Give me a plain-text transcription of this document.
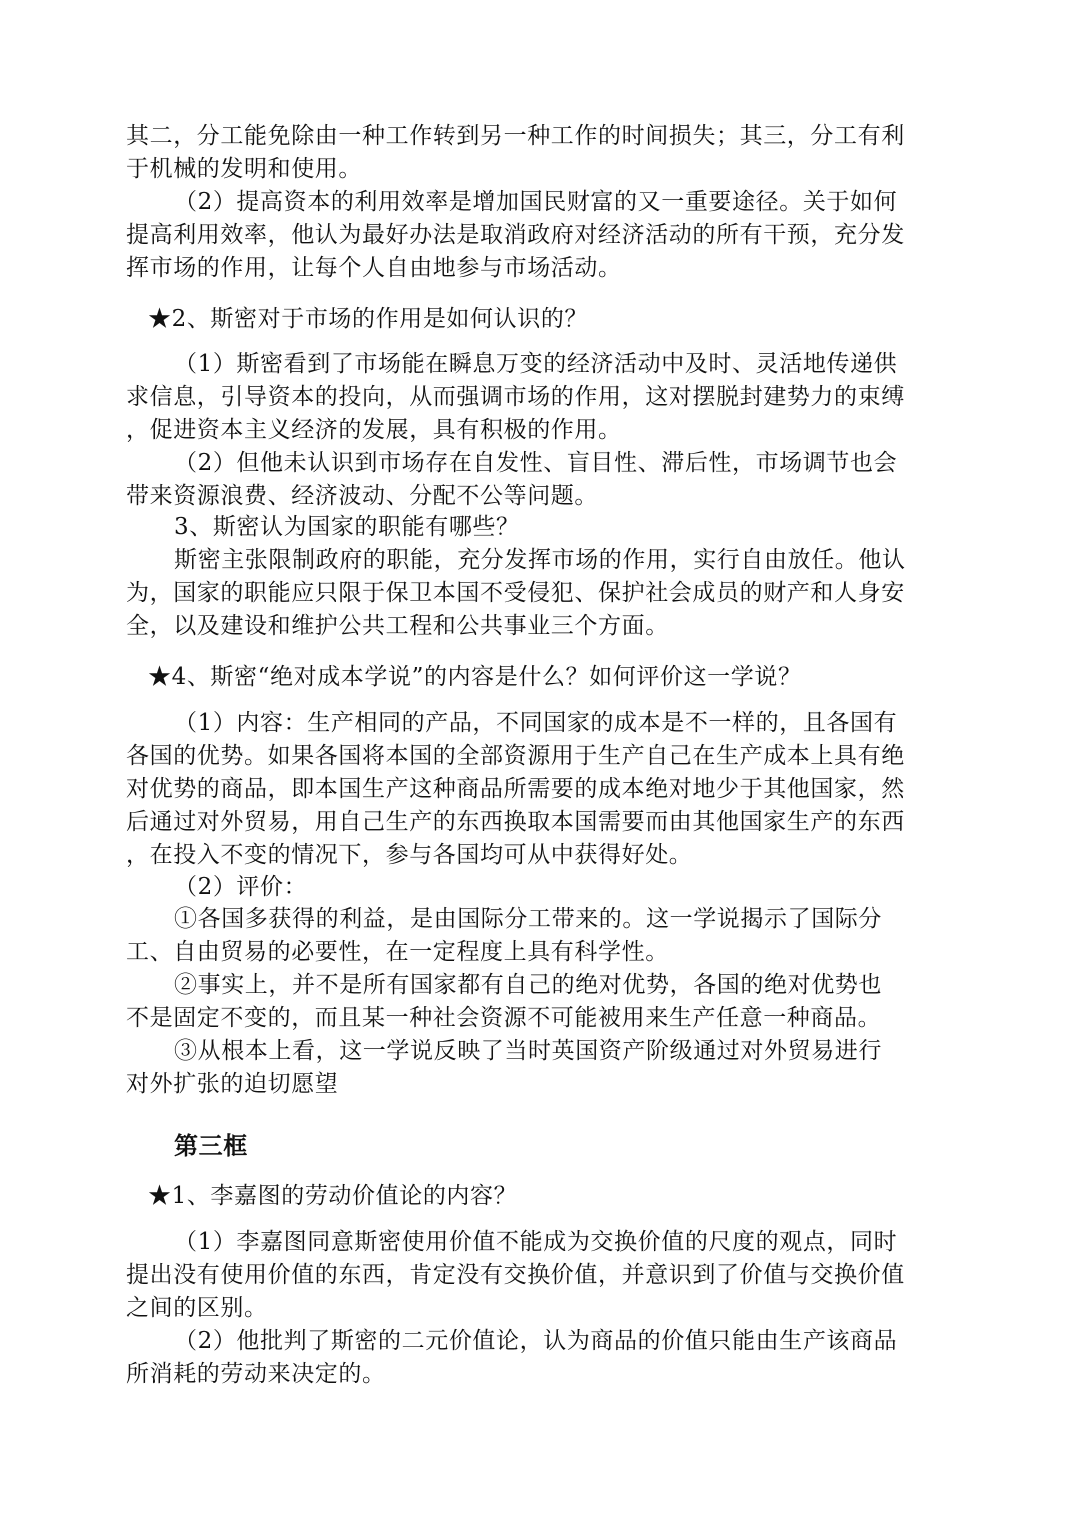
其二，分工能免除由一种工作转到另一种工作的时间损失；其三，分工有利
于机械的发明和使用。
（2）提高资本的利用效率是增加国民财富的又一重要途径。关于如何
提高利用效率，他认为最好办法是取消政府对经济活动的所有干预，充分发
挥市场的作用，让每个人自由地参与市场活动。
★2、斯密对于市场的作用是如何认识的？
（1）斯密看到了市场能在瞬息万变的经济活动中及时、灵活地传递供
求信息，引导资本的投向，从而强调市场的作用，这对摆脱封建势力的束缚
，促进资本主义经济的发展，具有积极的作用。
（2）但他未认识到市场存在自发性、盲目性、滞后性，市场调节也会
带来资源浪费、经济波动、分配不公等问题。
3、斯密认为国家的职能有哪些？
斯密主张限制政府的职能，充分发挥市场的作用，实行自由放任。他认
为，国家的职能应只限于保卫本国不受侵犯、保护社会成员的财产和人身安
全，以及建设和维护公共工程和公共事业三个方面。
★4、斯密“绝对成本学说”的内容是什么？如何评价这一学说？
（1）内容：生产相同的产品，不同国家的成本是不一样的，且各国有
各国的优势。如果各国将本国的全部资源用于生产自己在生产成本上具有绝
对优势的商品，即本国生产这种商品所需要的成本绝对地少于其他国家，然
后通过对外贸易，用自己生产的东西换取本国需要而由其他国家生产的东西
，在投入不变的情况下，参与各国均可从中获得好处。
（2）评价：
①各国多获得的利益，是由国际分工带来的。这一学说揭示了国际分
工、自由贸易的必要性，在一定程度上具有科学性。
②事实上，并不是所有国家都有自己的绝对优势，各国的绝对优势也
不是固定不变的，而且某一种社会资源不可能被用来生产任意一种商品。
③从根本上看，这一学说反映了当时英国资产阶级通过对外贸易进行
对外扩张的迫切愿望
第三框
★1、李嘉图的劳动价值论的内容？
（1）李嘉图同意斯密使用价值不能成为交换价值的尺度的观点，同时
提出没有使用价值的东西，肯定没有交换价值，并意识到了价值与交换价值
之间的区别。
（2）他批判了斯密的二元价值论，认为商品的价值只能由生产该商品
所消耗的劳动来决定的。
